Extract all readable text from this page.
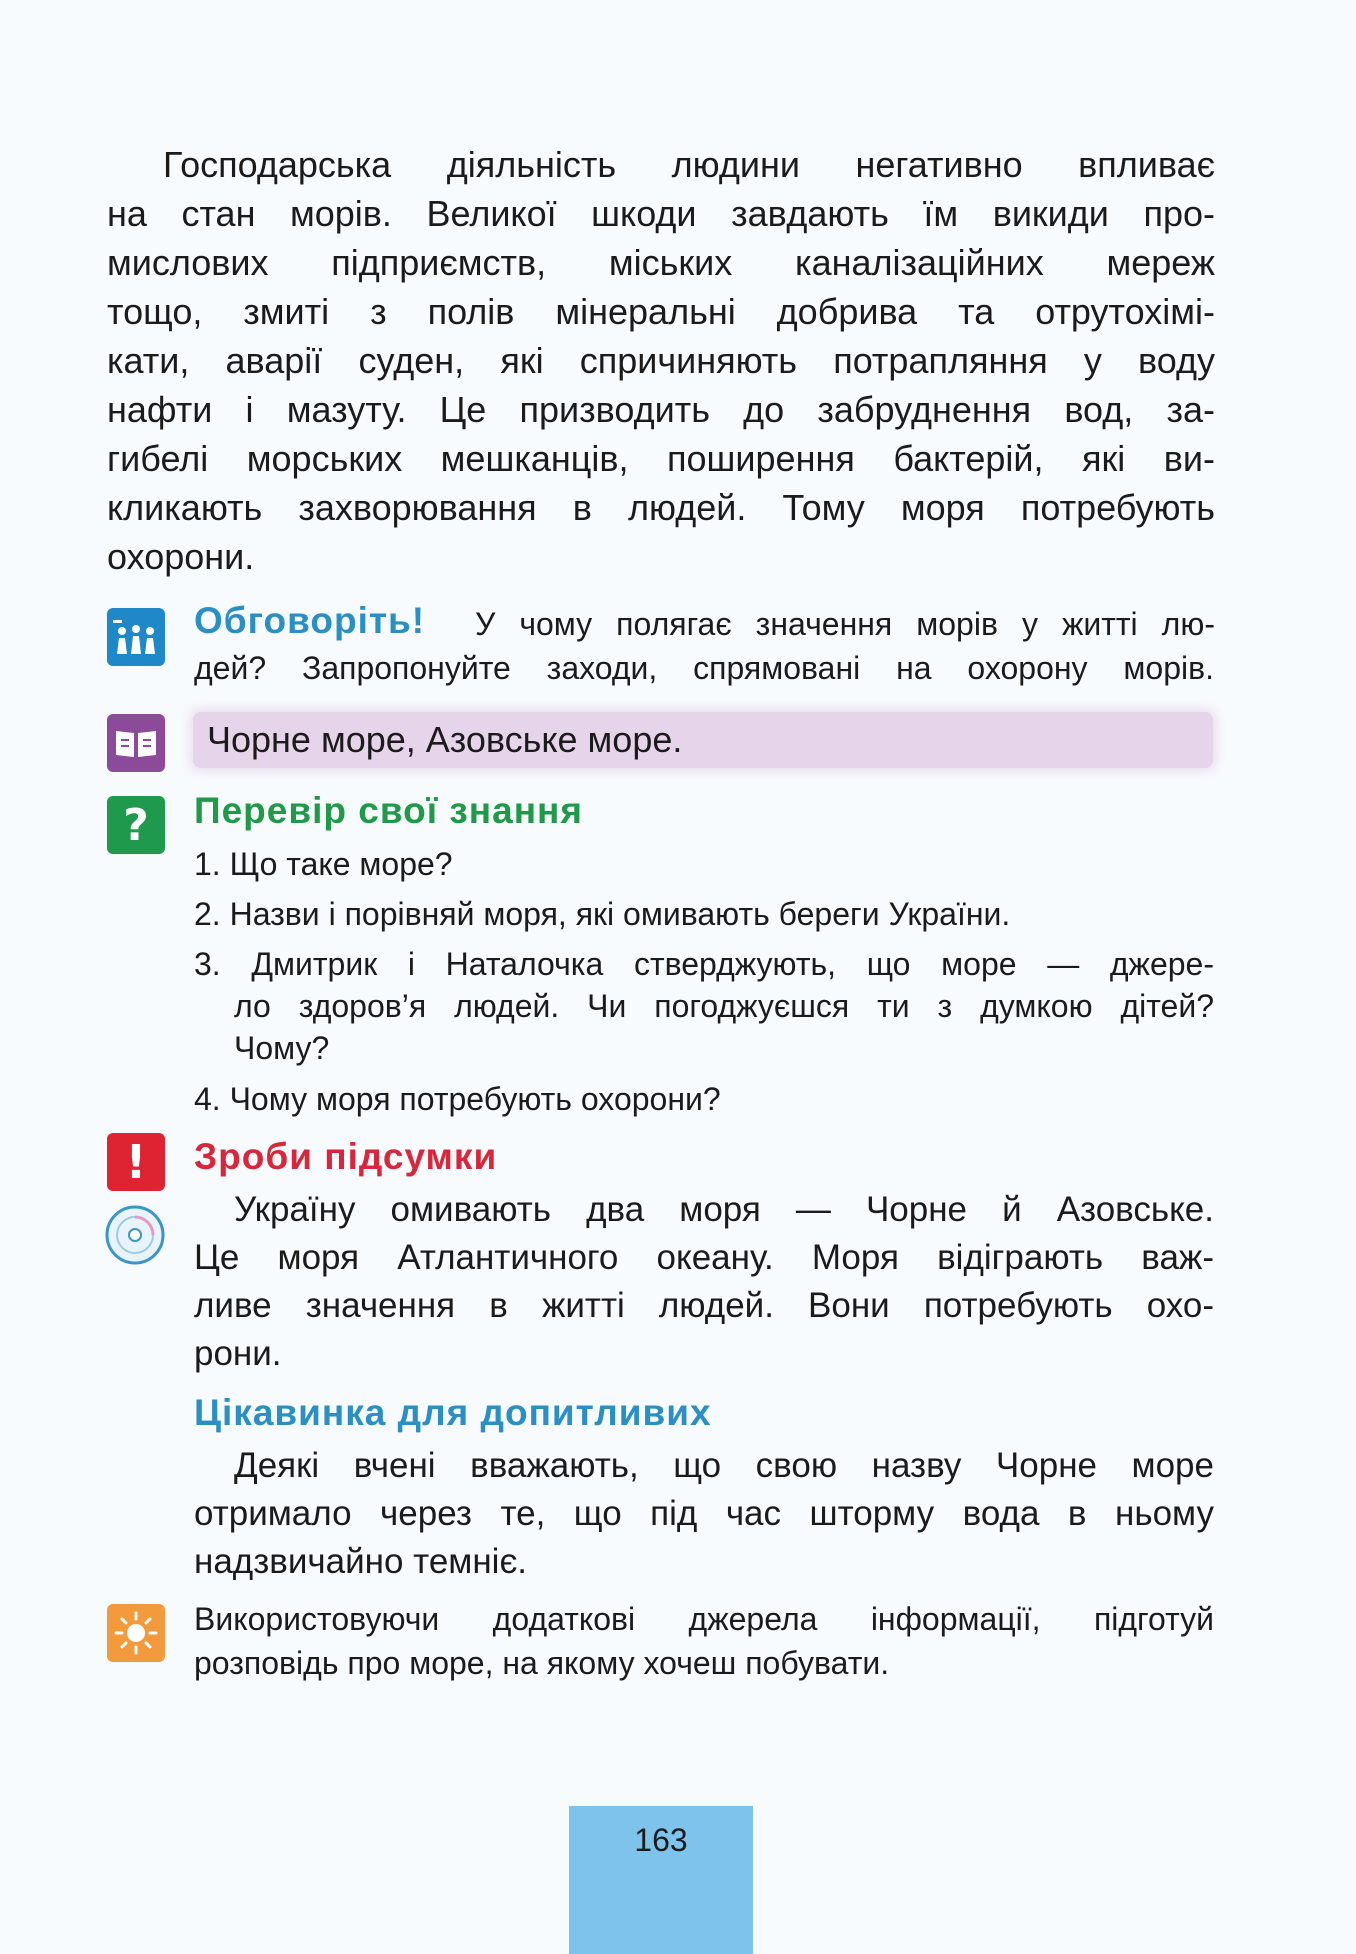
Господарська діяльність людини негативно впливає
на стан морів. Великої шкоди завдають їм викиди про-
мислових підприємств, міських каналізаційних мереж
тощо, змиті з полів мінеральні добрива та отрутохімі-
кати, аварії суден, які спричиняють потрапляння у воду
нафти і мазуту. Це призводить до забруднення вод, за-
гибелі морських мешканців, поширення бактерій, які ви-
кликають захворювання в людей. Тому моря потребують
охорони.
Обговоріть! У чому полягає значення морів у житті лю-

дей? Запропонуйте заходи, спрямовані на охорону морів.

Чорне море, Азовське море.
? Перевір свої знання

1. Що таке море?

2. Назви і порівняй моря, які омивають береги України.

3. Дмитрик і Наталочка стверджують, що море — джере-

ло здоров’я людей. Чи погоджуєшся ти з думкою дітей?

Чому?

4. Чому моря потребують охорони?

! Зроби підсумки

Україну омивають два моря — Чорне й Азовське.

Це моря Атлантичного океану. Моря відіграють важ-

ливе значення в житті людей. Вони потребують охо-

рони.

Цікавинка для допитливих

Деякі вчені вважають, що свою назву Чорне море

отримало через те, що під час шторму вода в ньому

надзвичайно темніє.

Використовуючи додаткові джерела інформації, підготуй

розповідь про море, на якому хочеш побувати.

163
